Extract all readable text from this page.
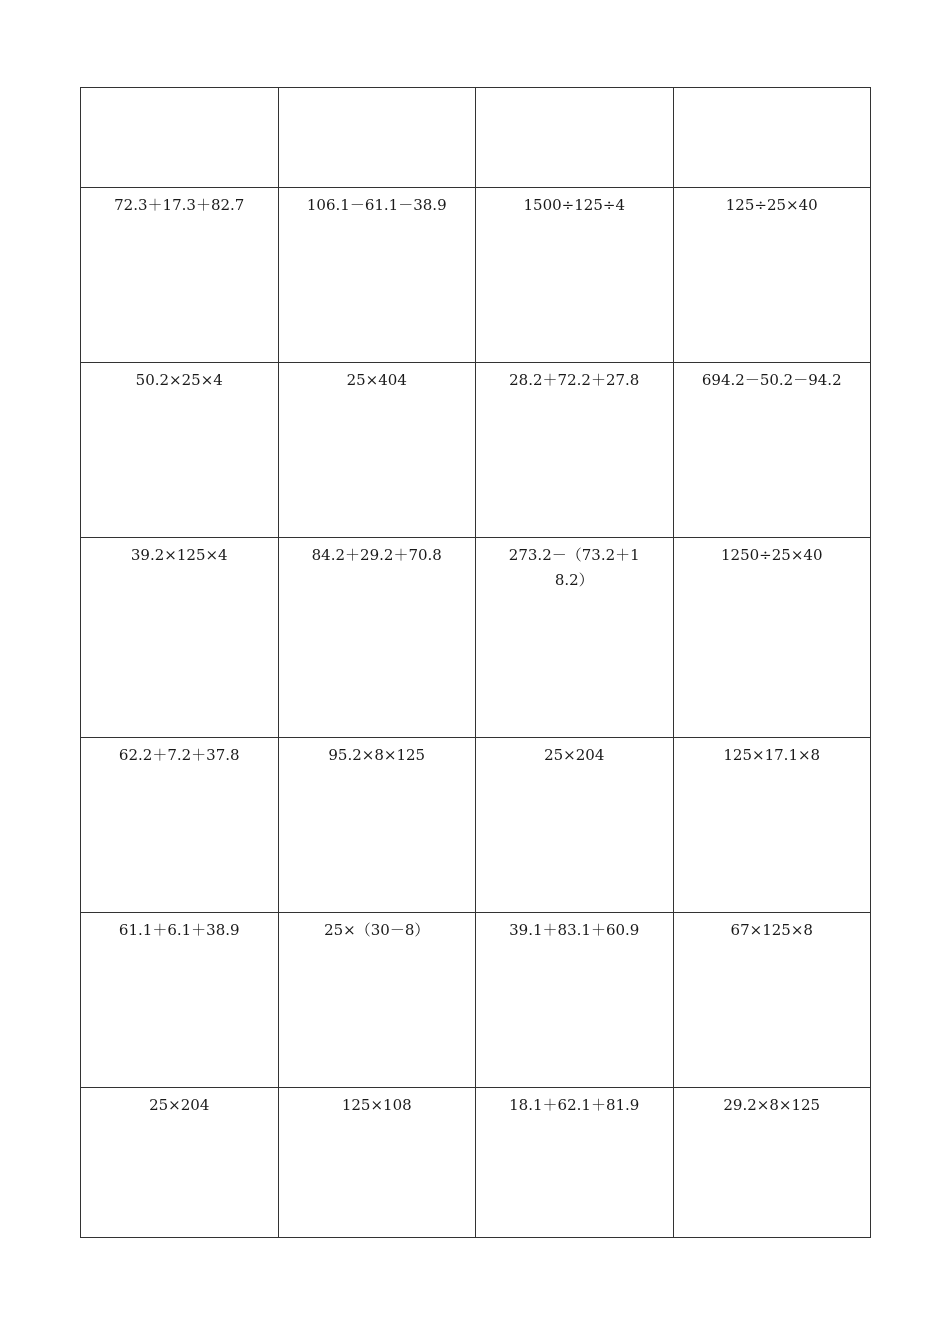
72.3＋17.3＋82.7	106.1－61.1－38.9	1500÷125÷4	125÷25×40
50.2×25×4	25×404	28.2＋72.2＋27.8	694.2－50.2－94.2
39.2×125×4	84.2＋29.2＋70.8	273.2－（73.2＋18.2）	1250÷25×40
62.2＋7.2＋37.8	95.2×8×125	25×204	125×17.1×8
61.1＋6.1＋38.9	25×（30－8）	39.1＋83.1＋60.9	67×125×8
25×204	125×108	18.1＋62.1＋81.9	29.2×8×125
